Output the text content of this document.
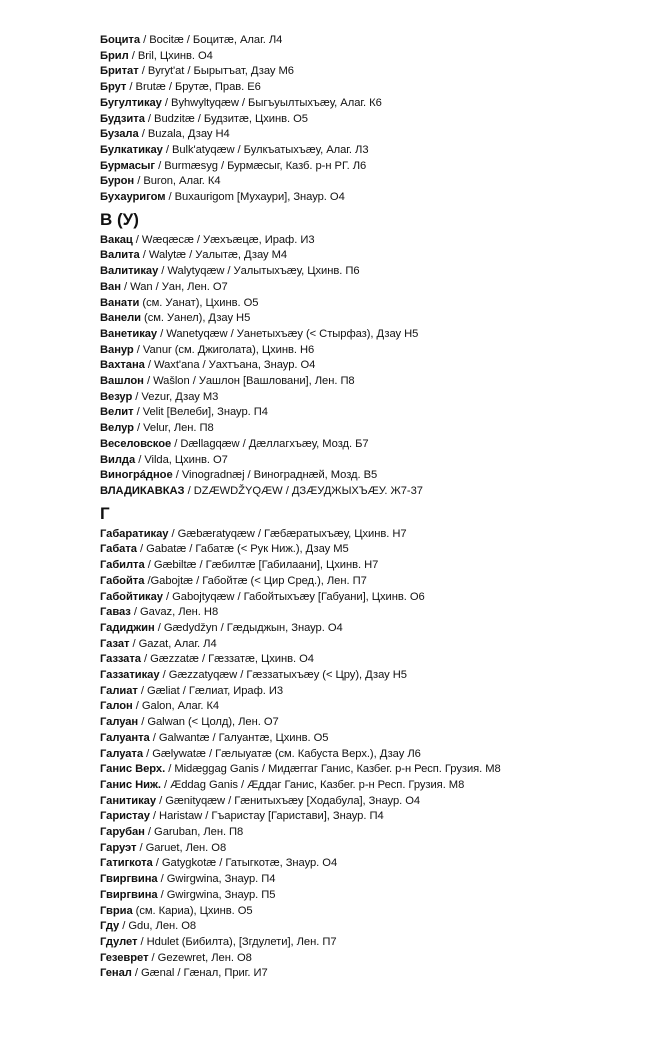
Боцита / Bocitæ / Боцитæ, Алаг. Л4
Брил / Bril, Цхинв. О4
Бритат / Byryt'at / Бырытъат, Дзау М6
Брут / Brutæ / Брутæ, Прав. Е6
Бугултикау / Byhwyltyqæw / Быгъуылтыхъæу, Алаг. К6
Будзита / Budzitæ / Будзитæ, Цхинв. О5
Бузала / Buzala, Дзау Н4
Булкатикау / Bulk'atyqæw / Булкъатыхъæу, Алаг. Л3
Бурмасыг / Burmæsyg / Бурмæсыг, Казб. р-н РГ. Л6
Бурон / Buron, Алаг. К4
Бухауригом / Buxaurigom [Мухаури], Знаур. О4
В (У)
Вакац / Wæqæcæ / Уæхъæцæ, Ираф. И3
Валита / Walytæ / Уалытæ, Дзау М4
Валитикау / Walytyqæw / Уалытыхъæу, Цхинв. П6
Ван / Wan / Уан, Лен. О7
Ванати (см. Уанат), Цхинв. О5
Ванели (см. Уанел), Дзау Н5
Ванетикау / Wanetyqæw / Уанетыхъæу (< Стырфаз), Дзау Н5
Ванур / Vanur (см. Джиголата), Цхинв. Н6
Вахтана / Waxt'ana / Уахтъана, Знаур. О4
Вашлон / Wašlon / Уашлон [Вашловани], Лен. П8
Везур / Vezur, Дзау М3
Велит / Velit [Велеби], Знаур. П4
Велур / Velur, Лен. П8
Веселовское / Dællagqæw / Дæллагхъæу, Мозд. Б7
Вилда / Vilda, Цхинв. О7
Виногрáдное / Vinogradnæj / Винограднæй, Мозд. В5
ВЛАДИКАВКАЗ / DZÆWDŽYQÆW / ДЗÆУДЖЫХЪÆУ. Ж7-37
Г
Габаратикау / Gæbæratyqæw / Гæбæратыхъæу, Цхинв. Н7
Габата / Gabatæ / Габатæ (< Рук Ниж.), Дзау М5
Габилта / Gæbiltæ / Гæбилтæ [Габилаани], Цхинв. Н7
Габойта /Gabojtæ / Габойтæ (< Цир Сред.), Лен. П7
Габойтикау / Gabojtyqæw / Габойтыхъæу [Габуани], Цхинв. О6
Гаваз / Gavaz, Лен. Н8
Гадиджин / Gædydžyn / Гæдыджын, Знаур. О4
Газат / Gazat, Алаг. Л4
Газзата / Gæzzatæ / Гæззатæ, Цхинв. О4
Газзатикау / Gæzzatyqæw / Гæззатыхъæу (< Цру), Дзау Н5
Галиат / Gæliat / Гæлиат, Ираф. И3
Галон / Galon, Алаг. К4
Галуан / Galwan (< Цолд), Лен. О7
Галуанта / Galwantæ / Галуантæ, Цхинв. О5
Галуата / Gælywatæ / Гæлыуатæ (см. Кабуста Верх.), Дзау Л6
Ганис Верх. / Midæggag Ganis / Мидæггаг Ганис, Казбег. р-н Респ. Грузия. М8
Ганис Ниж. / Æddag Ganis / Æддаг Ганис, Казбег. р-н Респ. Грузия. М8
Ганитикау / Gænityqæw / Гæнитыхъæу [Ходабула], Знаур. О4
Гаристау / Haristaw / Гъаристау [Гаристави], Знаур. П4
Гарубан / Garuban, Лен. П8
Гаруэт / Garuet, Лен. О8
Гатигкота / Gatygkotæ / Гатыгкотæ, Знаур. О4
Гвиргвина / Gwirgwina, Знаур. П4
Гвиргвина / Gwirgwina, Знаур. П5
Гвриа (см. Кариа), Цхинв. О5
Гду / Gdu, Лен. О8
Гдулет / Hdulet (Бибилта), [Згдулети], Лен. П7
Гезеврет / Gezewret, Лен. О8
Генал / Gænal / Гæнал, Приг. И7
